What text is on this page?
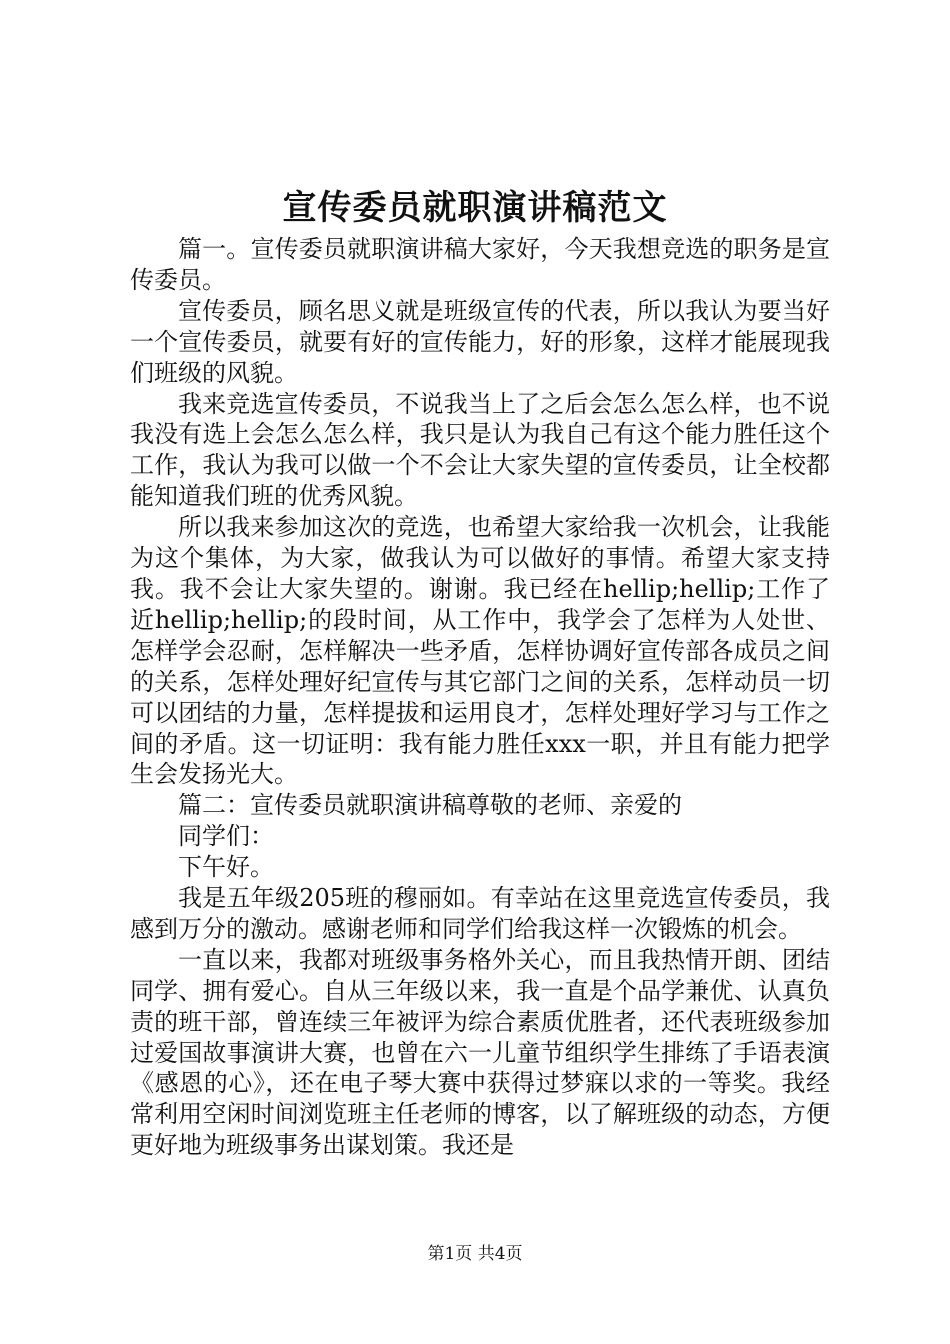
宣传委员就职演讲稿范文

篇一。宣传委员就职演讲稿大家好，今天我想竞选的职务是宣传委员。

宣传委员，顾名思义就是班级宣传的代表，所以我认为要当好一个宣传委员，就要有好的宣传能力，好的形象，这样才能展现我们班级的风貌。

我来竞选宣传委员，不说我当上了之后会怎么怎么样，也不说我没有选上会怎么怎么样，我只是认为我自己有这个能力胜任这个工作，我认为我可以做一个不会让大家失望的宣传委员，让全校都能知道我们班的优秀风貌。

所以我来参加这次的竞选，也希望大家给我一次机会，让我能为这个集体，为大家，做我认为可以做好的事情。希望大家支持我。我不会让大家失望的。谢谢。我已经在hellip;hellip;工作了近hellip;hellip;的段时间，从工作中，我学会了怎样为人处世、怎样学会忍耐，怎样解决一些矛盾，怎样协调好宣传部各成员之间的关系，怎样处理好纪宣传与其它部门之间的关系，怎样动员一切可以团结的力量，怎样提拔和运用良才，怎样处理好学习与工作之间的矛盾。这一切证明：我有能力胜任xxx一职，并且有能力把学生会发扬光大。

篇二：宣传委员就职演讲稿尊敬的老师、亲爱的

同学们：

下午好。

我是五年级205班的穆丽如。有幸站在这里竞选宣传委员，我感到万分的激动。感谢老师和同学们给我这样一次锻炼的机会。

一直以来，我都对班级事务格外关心，而且我热情开朗、团结同学、拥有爱心。自从三年级以来，我一直是个品学兼优、认真负责的班干部，曾连续三年被评为综合素质优胜者，还代表班级参加过爱国故事演讲大赛，也曾在六一儿童节组织学生排练了手语表演《感恩的心》，还在电子琴大赛中获得过梦寐以求的一等奖。我经常利用空闲时间浏览班主任老师的博客，以了解班级的动态，方便更好地为班级事务出谋划策。我还是

第1页 共4页
